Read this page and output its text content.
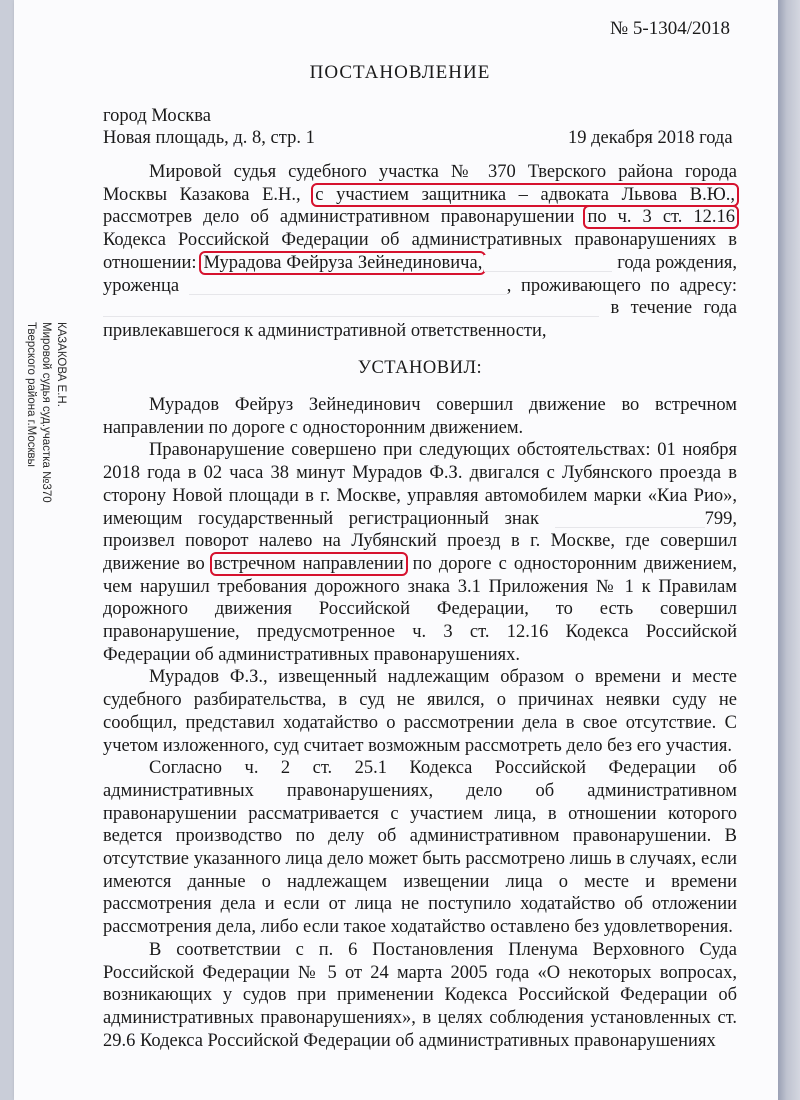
КАЗАКОВА Е.Н.
Мировой судья суд.участка №370
Тверского района г.Москвы
№ 5-1304/2018
ПОСТАНОВЛЕНИЕ
город Москва
Новая площадь, д. 8, стр. 1	19 декабря 2018 года

Мировой судья судебного участка № 370 Тверского района города Москвы Казакова Е.Н., с участием защитника – адвоката Львова В.Ю., рассмотрев дело об административном правонарушении по ч. 3 ст. 12.16 Кодекса Российской Федерации об административных правонарушениях в отношении: Мурадова Фейруза Зейнединовича,	года рождения, уроженца	, проживающего по адресу:  в течение года привлекавшегося к административной ответственности,

УСТАНОВИЛ:

Мурадов Фейруз Зейнединович совершил движение во встречном направлении по дороге с односторонним движением.

Правонарушение совершено при следующих обстоятельствах: 01 ноября 2018 года в 02 часа 38 минут Мурадов Ф.З. двигался с Лубянского проезда в сторону Новой площади в г. Москве, управляя автомобилем марки «Киа Рио», имеющим государственный регистрационный знак	799, произвел поворот налево на Лубянский проезд в г. Москве, где совершил движение во встречном направлении по дороге с односторонним движением, чем нарушил требования дорожного знака 3.1 Приложения № 1 к Правилам дорожного движения Российской Федерации, то есть совершил правонарушение, предусмотренное ч. 3 ст. 12.16 Кодекса Российской Федерации об административных правонарушениях.

Мурадов Ф.З., извещенный надлежащим образом о времени и месте судебного разбирательства, в суд не явился, о причинах неявки суду не сообщил, представил ходатайство о рассмотрении дела в свое отсутствие. С учетом изложенного, суд считает возможным рассмотреть дело без его участия.

Согласно ч. 2 ст. 25.1 Кодекса Российской Федерации об административных правонарушениях, дело об административном правонарушении рассматривается с участием лица, в отношении которого ведется производство по делу об административном правонарушении. В отсутствие указанного лица дело может быть рассмотрено лишь в случаях, если имеются данные о надлежащем извещении лица о месте и времени рассмотрения дела и если от лица не поступило ходатайство об отложении рассмотрения дела, либо если такое ходатайство оставлено без удовлетворения.

В соответствии с п. 6 Постановления Пленума Верховного Суда Российской Федерации № 5 от 24 марта 2005 года «О некоторых вопросах, возникающих у судов при применении Кодекса Российской Федерации об административных правонарушениях», в целях соблюдения установленных ст. 29.6 Кодекса Российской Федерации об административных правонарушениях
